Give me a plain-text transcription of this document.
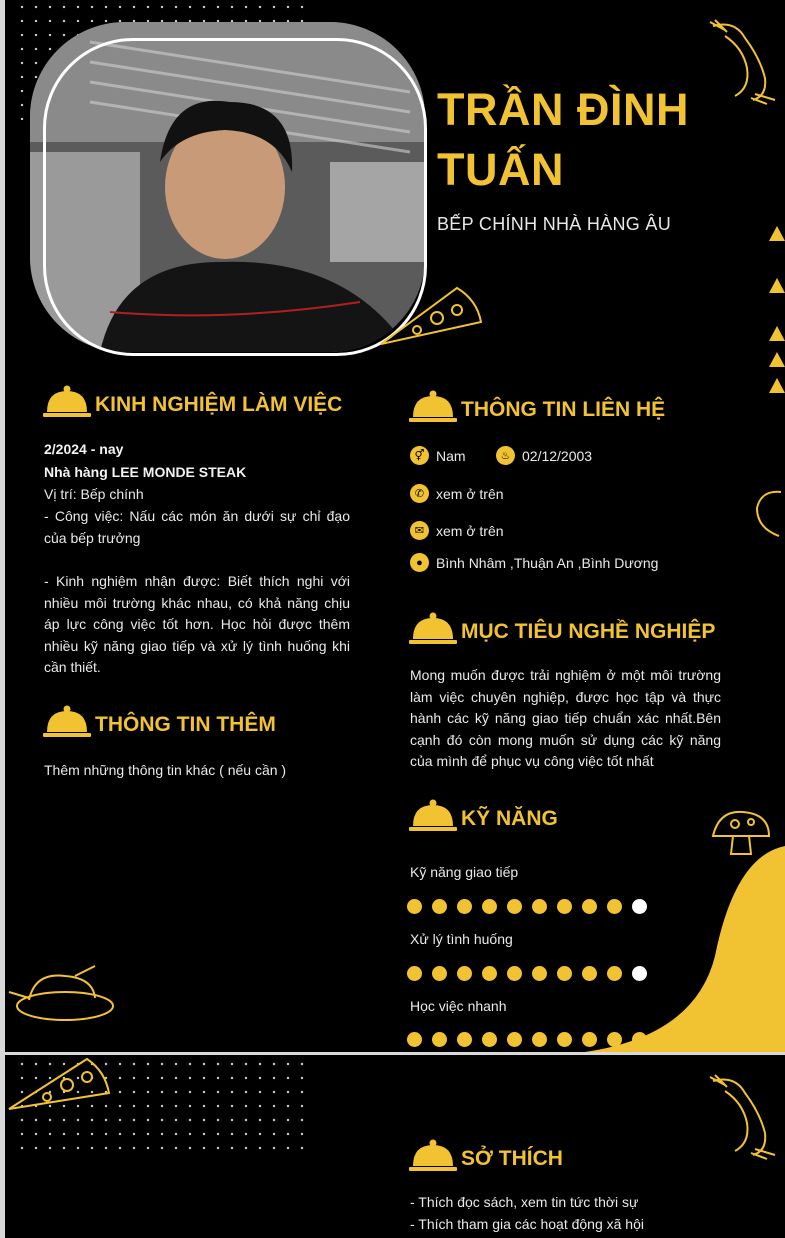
TRẦN ĐÌNH TUẤN
BẾP CHÍNH NHÀ HÀNG ÂU
KINH NGHIỆM LÀM VIỆC
2/2024 - nay
Nhà hàng LEE MONDE STEAK
Vị trí: Bếp chính
- Công việc: Nấu các món ăn dưới sự chỉ đạo của bếp trưởng
- Kinh nghiệm nhận được: Biết thích nghi với nhiều môi trường khác nhau, có khả năng chịu áp lực công việc tốt hơn. Học hỏi được thêm nhiều kỹ năng giao tiếp và xử lý tình huống khi cần thiết.
THÔNG TIN THÊM
Thêm những thông tin khác ( nếu cần )
THÔNG TIN LIÊN HỆ
⚥ Nam	♨ 02/12/2003
✆ xem ở trên
✉ xem ở trên
● Bình Nhâm ,Thuận An ,Bình Dương
MỤC TIÊU NGHỀ NGHIỆP
Mong muốn được trải nghiệm ở một môi trường làm việc chuyên nghiệp, được học tập và thực hành các kỹ năng giao tiếp chuẩn xác nhất.Bên cạnh đó còn mong muốn sử dụng các kỹ năng của mình để phục vụ công việc tốt nhất
KỸ NĂNG
Kỹ năng giao tiếp
Xử lý tình huống
Học việc nhanh
SỞ THÍCH
- Thích đọc sách, xem tin tức thời sự
- Thích tham gia các hoạt động xã hội
